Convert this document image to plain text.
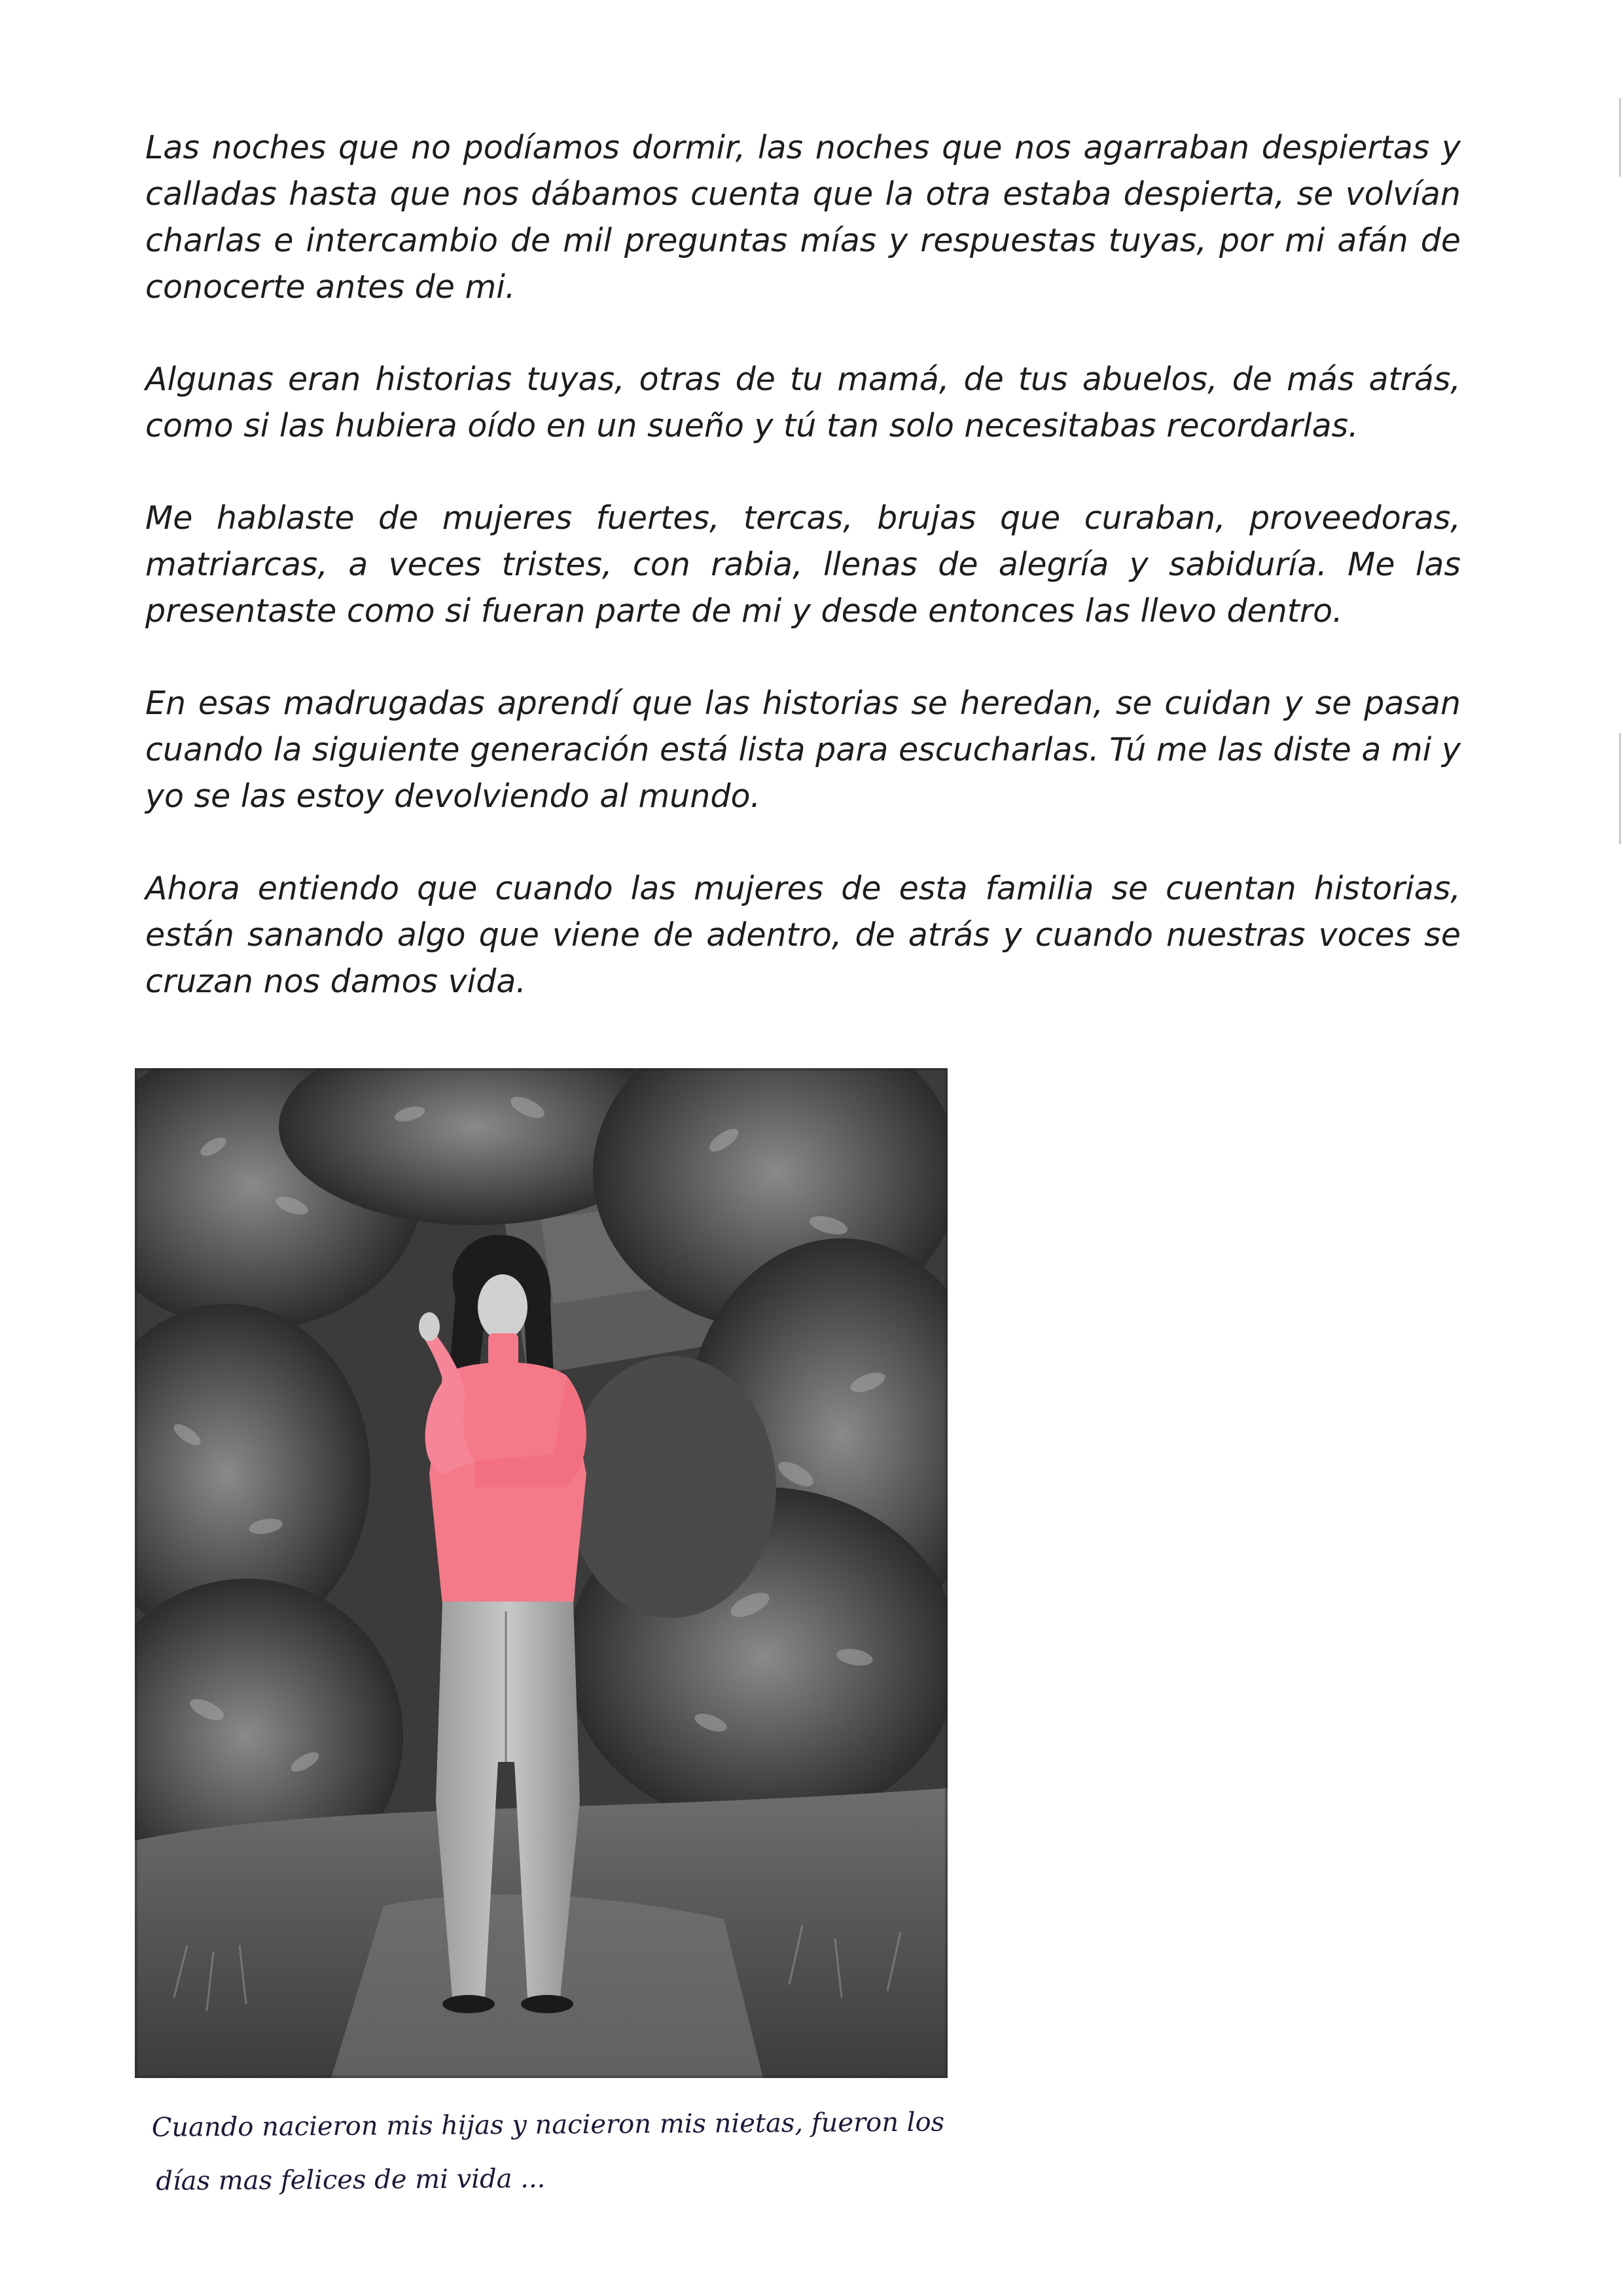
Las noches que no podíamos dormir, las noches que nos agarraban despiertas y calladas hasta que nos dábamos cuenta que la otra estaba despierta, se volvían charlas e intercambio de mil preguntas mías y respuestas tuyas, por mi afán de conocerte antes de mi.

Algunas eran historias tuyas, otras de tu mamá, de tus abuelos, de más atrás, como si las hubiera oído en un sueño y tú tan solo necesitabas recordarlas.

Me hablaste de mujeres fuertes, tercas, brujas que curaban, proveedoras, matriarcas, a veces tristes, con rabia, llenas de alegría y sabiduría. Me las presentaste como si fueran parte de mi y desde entonces las llevo dentro.

En esas madrugadas aprendí que las historias se heredan, se cuidan y se pasan cuando la siguiente generación está lista para escucharlas. Tú me las diste a mi y yo se las estoy devolviendo al mundo.

Ahora entiendo que cuando las mujeres de esta familia se cuentan historias, están sanando algo que viene de adentro, de atrás y cuando nuestras voces se cruzan nos damos vida.

Cuando nacieron mis hijas y nacieron mis nietas, fueron los
días mas felices de mi vida ...
